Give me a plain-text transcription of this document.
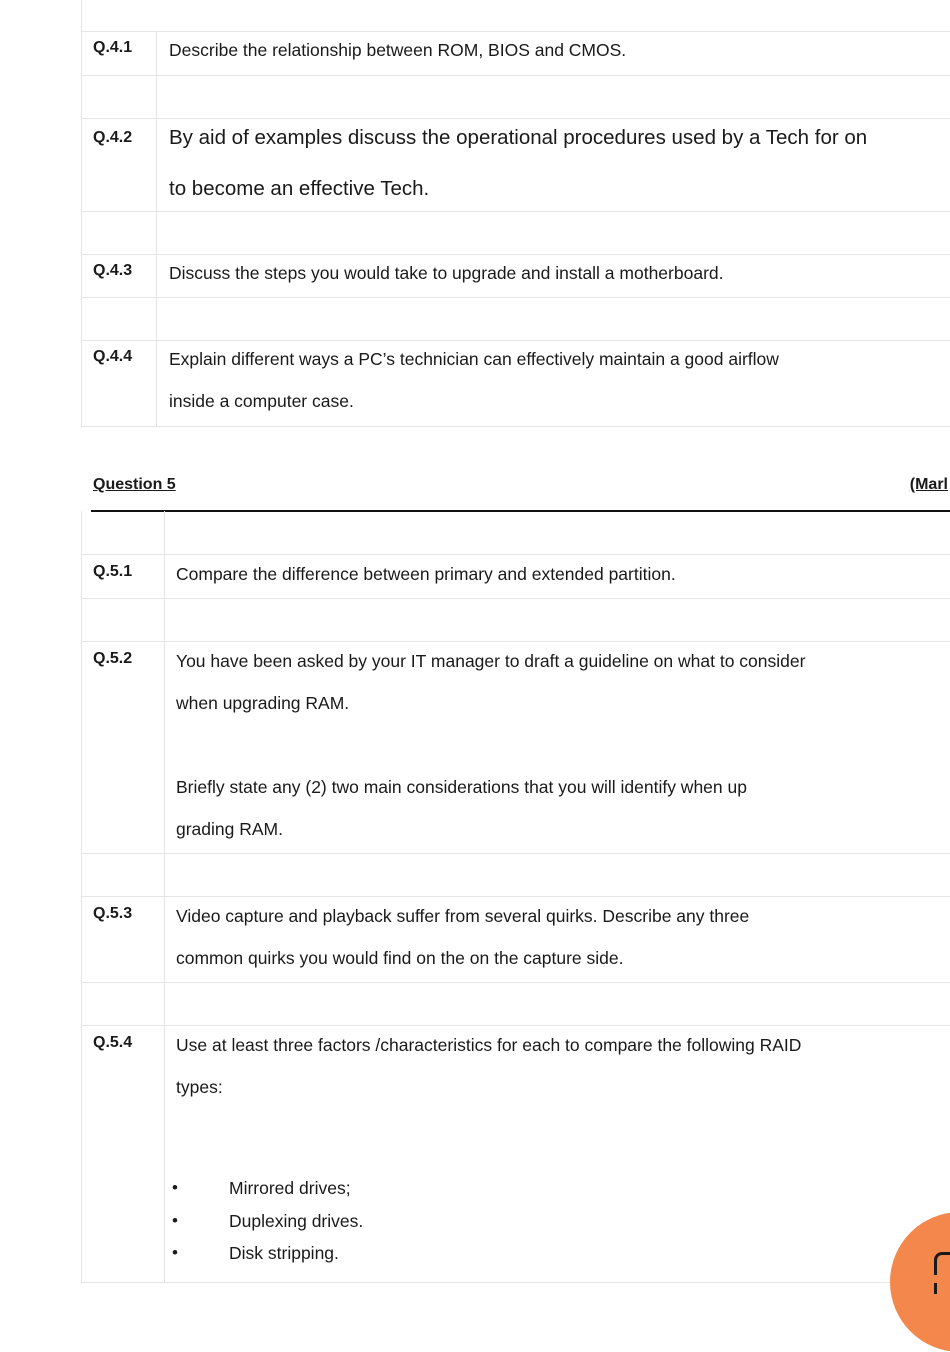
Q.4.1 Describe the relationship between ROM, BIOS and CMOS.

Q.4.2 By aid of examples discuss the operational procedures used by a Tech for on

to become an effective Tech.

Q.4.3 Discuss the steps you would take to upgrade and install a motherboard.

Q.4.4 Explain different ways a PC’s technician can effectively maintain a good airflow

inside a computer case.

Question 5	(Marl
Q.5.1	Compare the difference between primary and extended partition.

Q.5.2	You have been asked by your IT manager to draft a guideline on what to consider

when upgrading RAM.

Briefly state any (2) two main considerations that you will identify when up

grading RAM.

Q.5.3	Video capture and playback suffer from several quirks. Describe any three

common quirks you would find on the on the capture side.

Q.5.4	Use at least three factors /characteristics for each to compare the following RAID

types:

•	Mirrored drives;
•	Duplexing drives.
•	Disk stripping.
